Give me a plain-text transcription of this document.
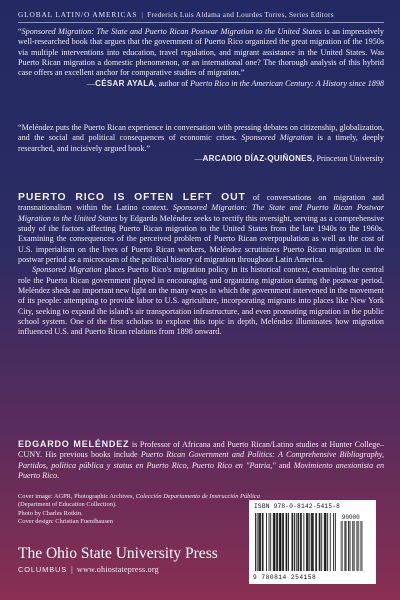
GLOBAL LATIN/O AMERICAS | Frederick Luis Aldama and Lourdes Torres, Series Editors
“Sponsored Migration: The State and Puerto Rican Postwar Migration to the United States is an impressively well-researched book that argues that the government of Puerto Rico organized the great migration of the 1950s via multiple interventions into education, travel regulation, and migrant assistance in the United States. Was Puerto Rican migration a domestic phenomenon, or an international one? The thorough analysis of this hybrid case offers an excellent anchor for comparative studies of migration.”
—CÉSAR AYALA, author of Puerto Rico in the American Century: A History since 1898
“Meléndez puts the Puerto Rican experience in conversation with pressing debates on citizenship, globalization, and the social and political consequences of economic crises. Sponsored Migration is a timely, deeply researched, and incisively argued book.”
—ARCADIO DÍAZ-QUIÑONES, Princeton University

PUERTO RICO IS OFTEN LEFT OUT of conversations on migration and transnationalism within the Latino context. Sponsored Migration: The State and Puerto Rican Postwar Migration to the United States by Edgardo Meléndez seeks to rectify this oversight, serving as a comprehensive study of the factors affecting Puerto Rican migration to the United States from the late 1940s to the 1960s. Examining the consequences of the perceived problem of Puerto Rican overpopulation as well as the cost of U.S. imperialism on the lives of Puerto Rican workers, Meléndez scrutinizes Puerto Rican migration in the postwar period as a microcosm of the political history of migration throughout Latin America.

Sponsored Migration places Puerto Rico's migration policy in its historical context, examining the central role the Puerto Rican government played in encouraging and organizing migration during the postwar period. Meléndez sheds an important new light on the many ways in which the government intervened in the movement of its people: attempting to provide labor to U.S. agriculture, incorporating migrants into places like New York City, seeking to expand the island's air transportation infrastructure, and even promoting migration in the public school system. One of the first scholars to explore this topic in depth, Meléndez illuminates how migration influenced U.S. and Puerto Rican relations from 1898 onward.

EDGARDO MELÉNDEZ is Professor of Africana and Puerto Rican/Latino studies at Hunter College–CUNY. His previous books include Puerto Rican Government and Politics: A Comprehensive Bibliography, Partidos, política pública y status en Puerto Rico, Puerto Rico en "Patria," and Movimiento anexionista en Puerto Rico.
Cover image: AGPR, Photographic Archives, Colección Departamento de Instrucción Pública
(Department of Education Collection).
Photo by Charles Rotkin.
Cover design: Christian Fuenfhausen
The Ohio State University Press
COLUMBUS | www.ohiostatepress.org
ISBN 978-0-8142-5415-8
90000
9 780814 254158
